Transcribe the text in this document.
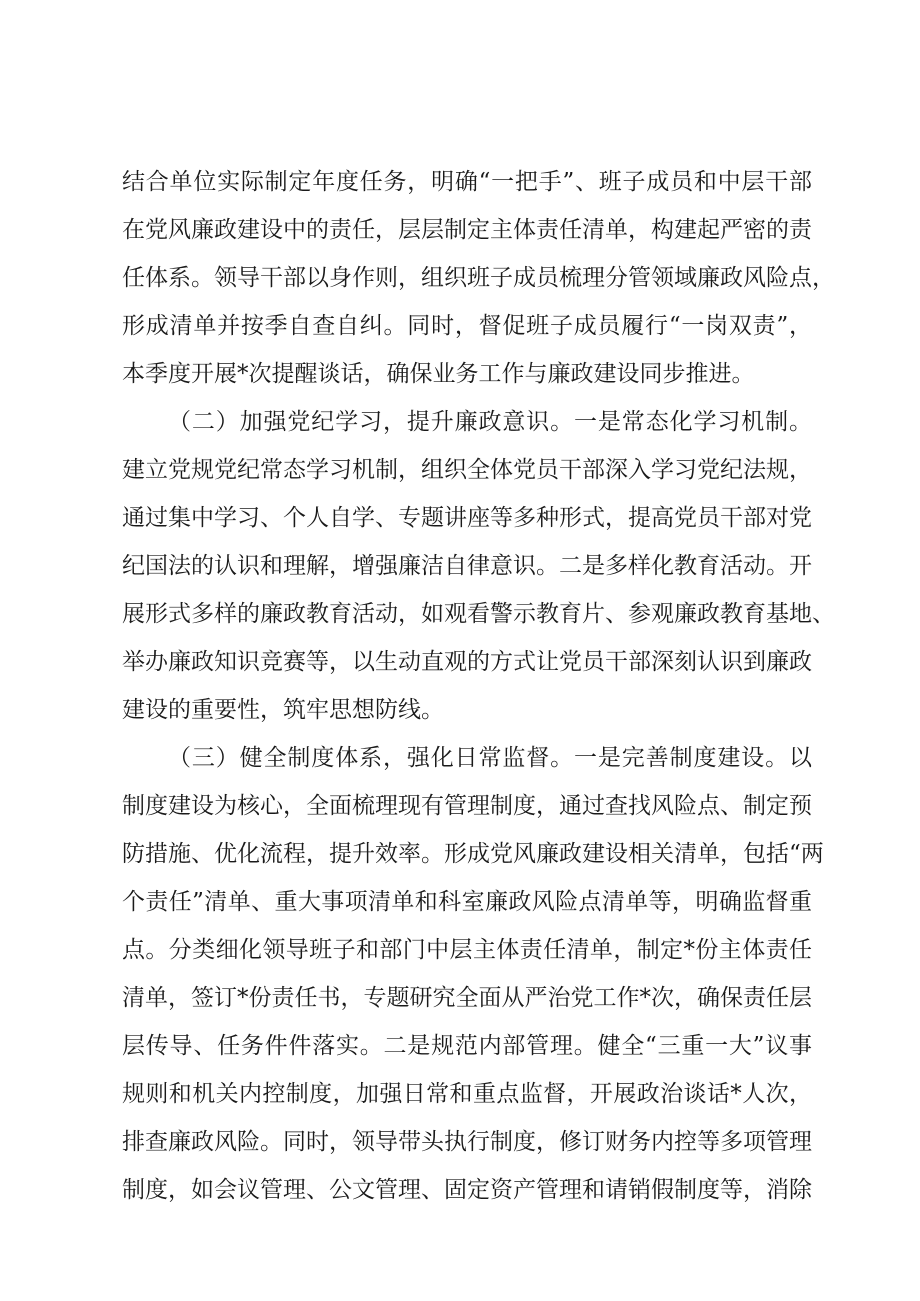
结合单位实际制定年度任务，明确“一把手”、班子成员和中层干部
在党风廉政建设中的责任，层层制定主体责任清单，构建起严密的责
任体系。领导干部以身作则，组织班子成员梳理分管领域廉政风险点，
形成清单并按季自查自纠。同时，督促班子成员履行“一岗双责”，
本季度开展*次提醒谈话，确保业务工作与廉政建设同步推进。
（二）加强党纪学习，提升廉政意识。一是常态化学习机制。
建立党规党纪常态学习机制，组织全体党员干部深入学习党纪法规，
通过集中学习、个人自学、专题讲座等多种形式，提高党员干部对党
纪国法的认识和理解，增强廉洁自律意识。二是多样化教育活动。开
展形式多样的廉政教育活动，如观看警示教育片、参观廉政教育基地、
举办廉政知识竞赛等，以生动直观的方式让党员干部深刻认识到廉政
建设的重要性，筑牢思想防线。
（三）健全制度体系，强化日常监督。一是完善制度建设。以
制度建设为核心，全面梳理现有管理制度，通过查找风险点、制定预
防措施、优化流程，提升效率。形成党风廉政建设相关清单，包括“两
个责任”清单、重大事项清单和科室廉政风险点清单等，明确监督重
点。分类细化领导班子和部门中层主体责任清单，制定*份主体责任
清单，签订*份责任书，专题研究全面从严治党工作*次，确保责任层
层传导、任务件件落实。二是规范内部管理。健全“三重一大”议事
规则和机关内控制度，加强日常和重点监督，开展政治谈话*人次，
排查廉政风险。同时，领导带头执行制度，修订财务内控等多项管理
制度，如会议管理、公文管理、固定资产管理和请销假制度等，消除
